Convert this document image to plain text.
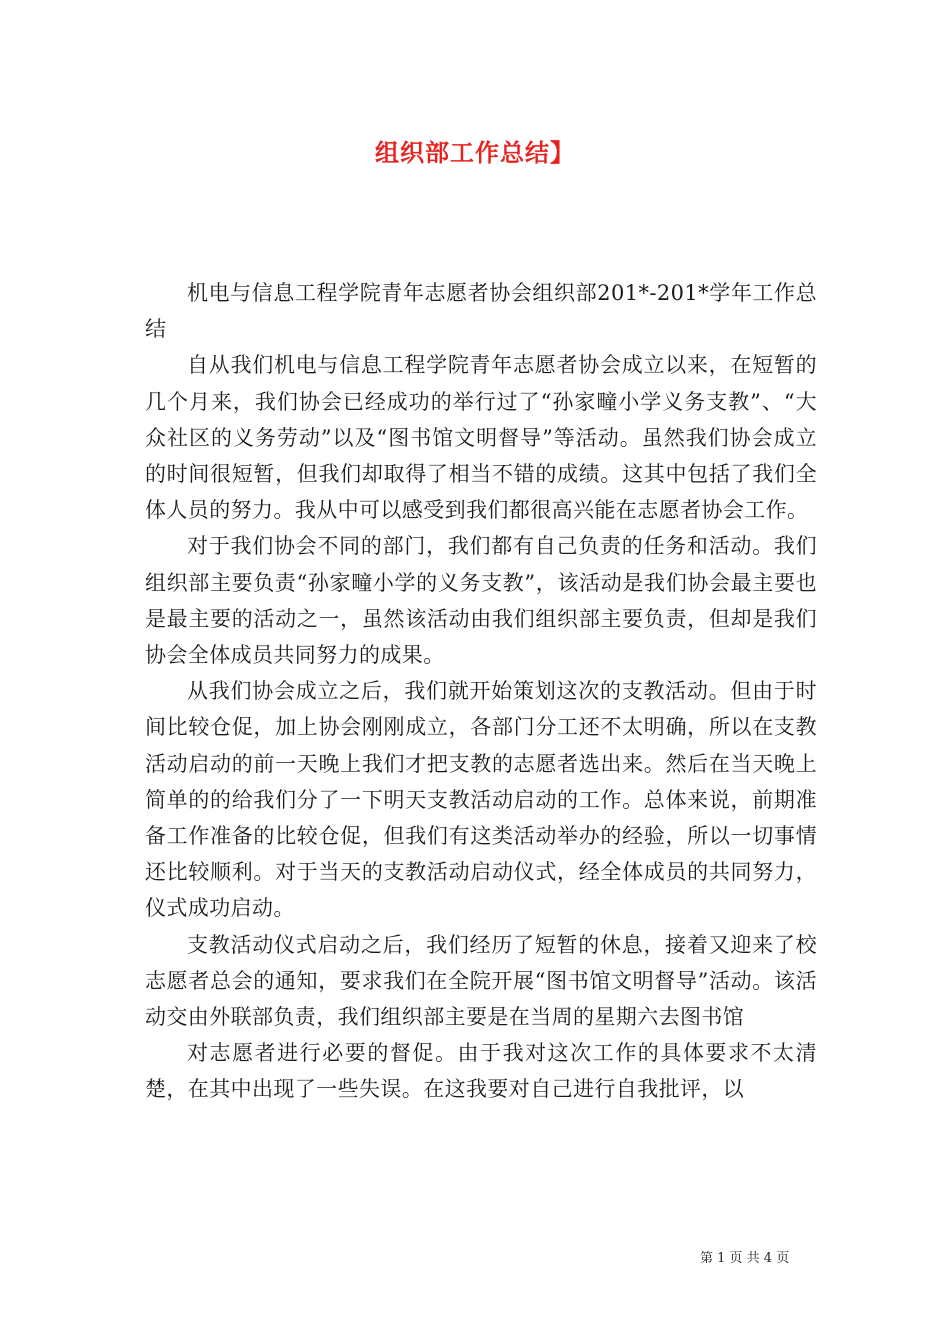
组织部工作总结】

机电与信息工程学院青年志愿者协会组织部201*-201*学年工作总结

自从我们机电与信息工程学院青年志愿者协会成立以来，在短暂的几个月来，我们协会已经成功的举行过了“孙家疃小学义务支教”、“大众社区的义务劳动”以及“图书馆文明督导”等活动。虽然我们协会成立的时间很短暂，但我们却取得了相当不错的成绩。这其中包括了我们全体人员的努力。我从中可以感受到我们都很高兴能在志愿者协会工作。

对于我们协会不同的部门，我们都有自己负责的任务和活动。我们组织部主要负责“孙家疃小学的义务支教”，该活动是我们协会最主要也是最主要的活动之一，虽然该活动由我们组织部主要负责，但却是我们协会全体成员共同努力的成果。

从我们协会成立之后，我们就开始策划这次的支教活动。但由于时间比较仓促，加上协会刚刚成立，各部门分工还不太明确，所以在支教活动启动的前一天晚上我们才把支教的志愿者选出来。然后在当天晚上简单的的给我们分了一下明天支教活动启动的工作。总体来说，前期准备工作准备的比较仓促，但我们有这类活动举办的经验，所以一切事情还比较顺利。对于当天的支教活动启动仪式，经全体成员的共同努力，仪式成功启动。

支教活动仪式启动之后，我们经历了短暂的休息，接着又迎来了校志愿者总会的通知，要求我们在全院开展“图书馆文明督导”活动。该活动交由外联部负责，我们组织部主要是在当周的星期六去图书馆

对志愿者进行必要的督促。由于我对这次工作的具体要求不太清楚，在其中出现了一些失误。在这我要对自己进行自我批评，以

第 1 页 共 4 页
